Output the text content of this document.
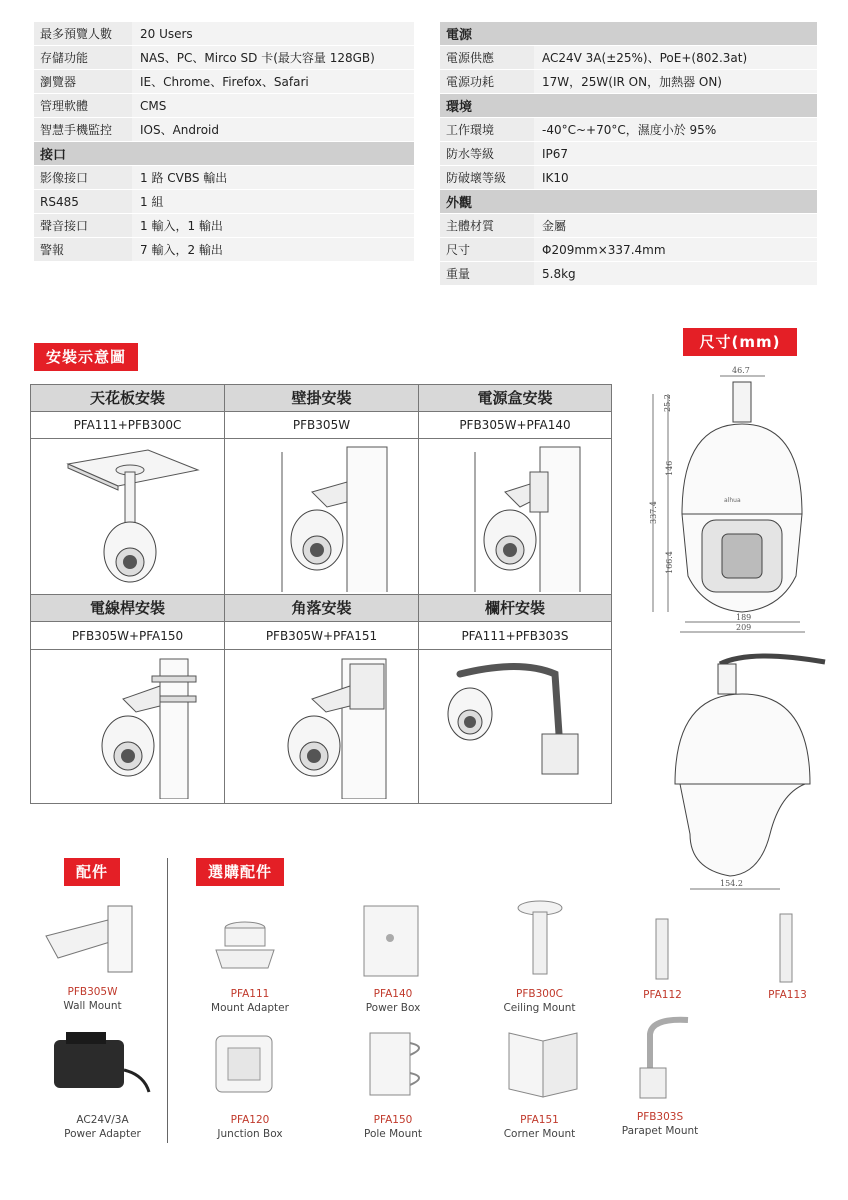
最多預覽人數	20 Users
存儲功能	NAS、PC、Mirco SD 卡(最大容量 128GB)
瀏覽器	IE、Chrome、Firefox、Safari
管理軟體	CMS
智慧手機監控	IOS、Android
接口	
影像接口	1 路 CVBS 輸出
RS485	1 組
聲音接口	1 輸入，1 輸出
警報	7 輸入，2 輸出
電源	
電源供應	AC24V 3A(±25%)、PoE+(802.3at)
電源功耗	17W，25W(IR ON，加熱器 ON)
環境	
工作環境	-40°C~+70°C，濕度小於 95%
防水等級	IP67
防破壞等級	IK10
外觀	
主體材質	金屬
尺寸	Φ209mm×337.4mm
重量	5.8kg
安裝示意圖
天花板安裝	壁掛安裝	電源盒安裝
PFA111+PFB300C	PFB305W	PFB305W+PFA140
電線桿安裝	角落安裝	欄杆安裝
PFB305W+PFA150	PFB305W+PFA151	PFA111+PFB303S
尺寸(mm)
46.7
25.2
146
337.4
166.4
189
209
alhua
154.2
配件	選購配件
PFB305W
Wall Mount
AC24V/3A
Power Adapter
PFA111
Mount Adapter
PFA140
Power Box
PFB300C
Ceiling Mount
PFA112	PFA113
PFA120
Junction Box
PFA150
Pole Mount
PFA151
Corner Mount
PFB303S
Parapet Mount
